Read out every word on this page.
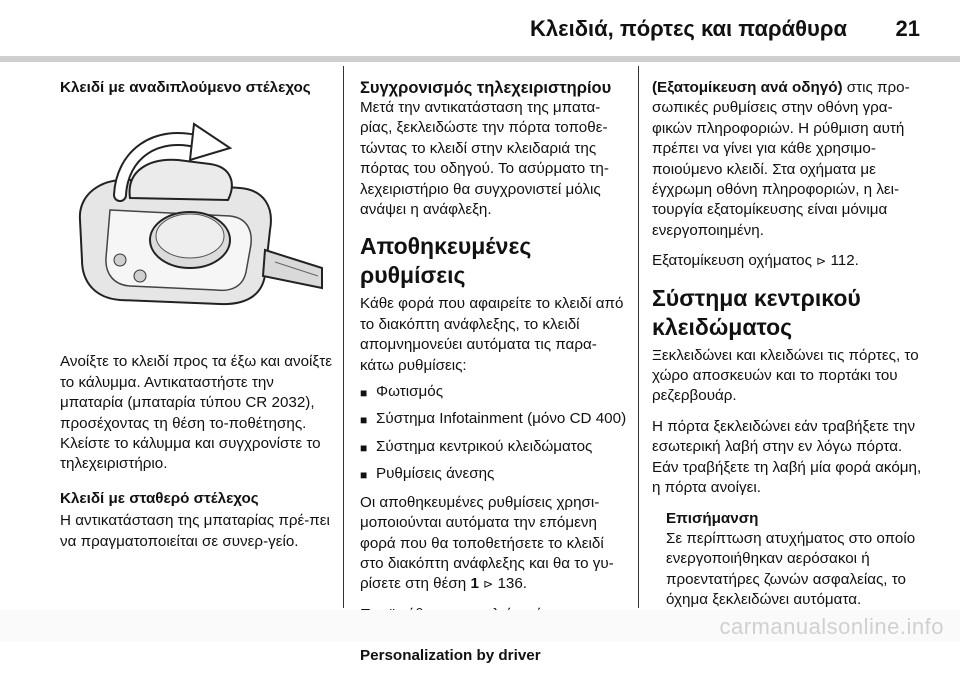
Κλειδιά, πόρτες και παράθυρα 21
Κλειδί με αναδιπλούμενο στέλεχος

Ανοίξτε το κλειδί προς τα έξω και ανοίξτε το κάλυμμα. Αντικαταστήστε την μπαταρία (μπαταρία τύπου CR 2032), προσέχοντας τη θέση το-ποθέτησης. Κλείστε το κάλυμμα και συγχρονίστε το τηλεχειριστήριο.

Κλειδί με σταθερό στέλεχος

Η αντικατάσταση της μπαταρίας πρέ-πει να πραγματοποιείται σε συνερ-γείο.

Συγχρονισμός τηλεχειριστηρίου

Μετά την αντικατάσταση της μπατα-ρίας, ξεκλειδώστε την πόρτα τοποθε-τώντας το κλειδί στην κλειδαριά της πόρτας του οδηγού. Το ασύρματο τη-λεχειριστήριο θα συγχρονιστεί μόλις ανάψει η ανάφλεξη.

Αποθηκευμένες ρυθμίσεις

Κάθε φορά που αφαιρείτε το κλειδί από το διακόπτη ανάφλεξης, το κλειδί απομνημονεύει αυτόματα τις παρα-κάτω ρυθμίσεις:

■ Φωτισμός
■ Σύστημα Infotainment (μόνο CD 400)
■ Σύστημα κεντρικού κλειδώματος
■ Ρυθμίσεις άνεσης

Οι αποθηκευμένες ρυθμίσεις χρησι-μοποιούνται αυτόματα την επόμενη φορά που θα τοποθετήσετε το κλειδί στο διακόπτη ανάφλεξης και θα το γυ-ρίσετε στη θέση 1 ⊳ 136.

Personalization by driver

(Εξατομίκευση ανά οδηγό) στις προ-σωπικές ρυθμίσεις στην οθόνη γρα-φικών πληροφοριών. Η ρύθμιση αυτή πρέπει να γίνει για κάθε χρησιμο-ποιούμενο κλειδί. Στα οχήματα με έγχρωμη οθόνη πληροφοριών, η λει-τουργία εξατομίκευσης είναι μόνιμα ενεργοποιημένη.

Εξατομίκευση οχήματος ⊳ 112.

Σύστημα κεντρικού κλειδώματος

Ξεκλειδώνει και κλειδώνει τις πόρτες, το χώρο αποσκευών και το πορτάκι του ρεζερβουάρ.

Η πόρτα ξεκλειδώνει εάν τραβήξετε την εσωτερική λαβή στην εν λόγω πόρτα. Εάν τραβήξετε τη λαβή μία φορά ακόμη, η πόρτα ανοίγει.

Επισήμανση
Σε περίπτωση ατυχήματος στο οποίο ενεργοποιήθηκαν αερόσακοι ή προεντατήρες ζωνών ασφαλείας, το όχημα ξεκλειδώνει αυτόματα.
carmanualsonline.info
